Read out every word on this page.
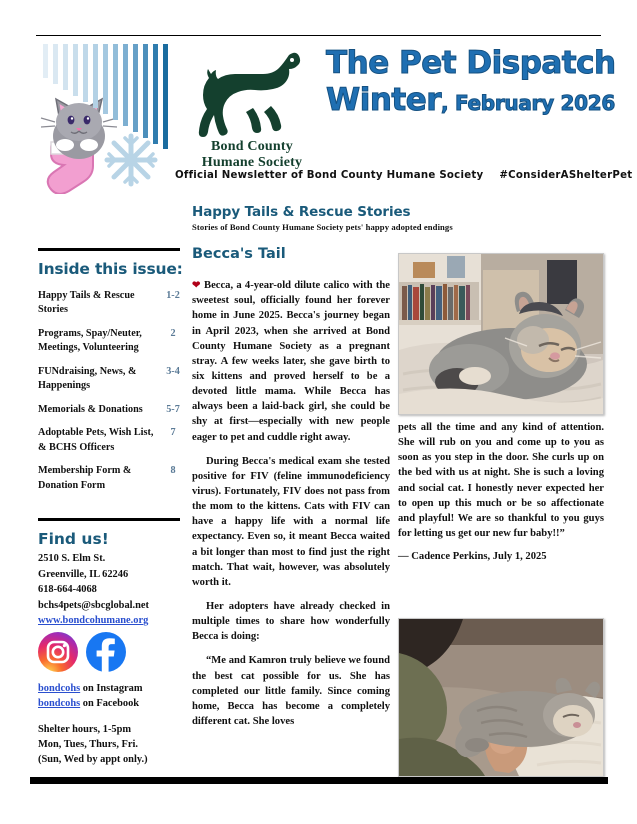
Bond County
Humane Society
The Pet Dispatch
Winter, February 2026
Official Newsletter of Bond County Humane Society #ConsiderAShelterPet
Inside this issue:
Happy Tails & Rescue Stories
1-2
Programs, Spay/Neuter, Meetings, Volunteering
2
FUNdraising, News, & Happenings
3-4
Memorials & Donations	5-7
Adoptable Pets, Wish List, & BCHS Officers
7
Membership Form & Donation Form
8
Find us!
2510 S. Elm St.
Greenville, IL 62246
618-664-4068
bchs4pets@sbcglobal.net
www.bondcohumane.org
bondcohs on Instagram
bondcohs on Facebook
Shelter hours, 1-5pm
Mon, Tues, Thurs, Fri.
(Sun, Wed by appt only.)
Happy Tails & Rescue Stories
Stories of Bond County Humane Society pets' happy adopted endings
Becca's Tail

❤ Becca, a 4-year-old dilute calico with the sweetest soul, officially found her forever home in June 2025. Becca's journey began in April 2023, when she arrived at Bond County Humane Society as a pregnant stray. A few weeks later, she gave birth to six kittens and proved herself to be a devoted little mama. While Becca has always been a laid-back girl, she could be shy at first—especially with new people eager to pet and cuddle right away.

During Becca's medical exam she tested positive for FIV (feline immunodeficiency virus). Fortunately, FIV does not pass from the mom to the kittens. Cats with FIV can have a happy life with a normal life expectancy. Even so, it meant Becca waited a bit longer than most to find just the right match. That wait, however, was absolutely worth it.

Her adopters have already checked in multiple times to share how wonderfully Becca is doing:

“Me and Kamron truly believe we found the best cat possible for us. She has completed our little family. Since coming home, Becca has become a completely different cat. She loves

pets all the time and any kind of attention. She will rub on you and come up to you as soon as you step in the door. She curls up on the bed with us at night. She is such a loving and social cat. I honestly never expected her to open up this much or be so affectionate and playful! We are so thankful to you guys for letting us get our new fur baby!!”

— Cadence Perkins, July 1, 2025
